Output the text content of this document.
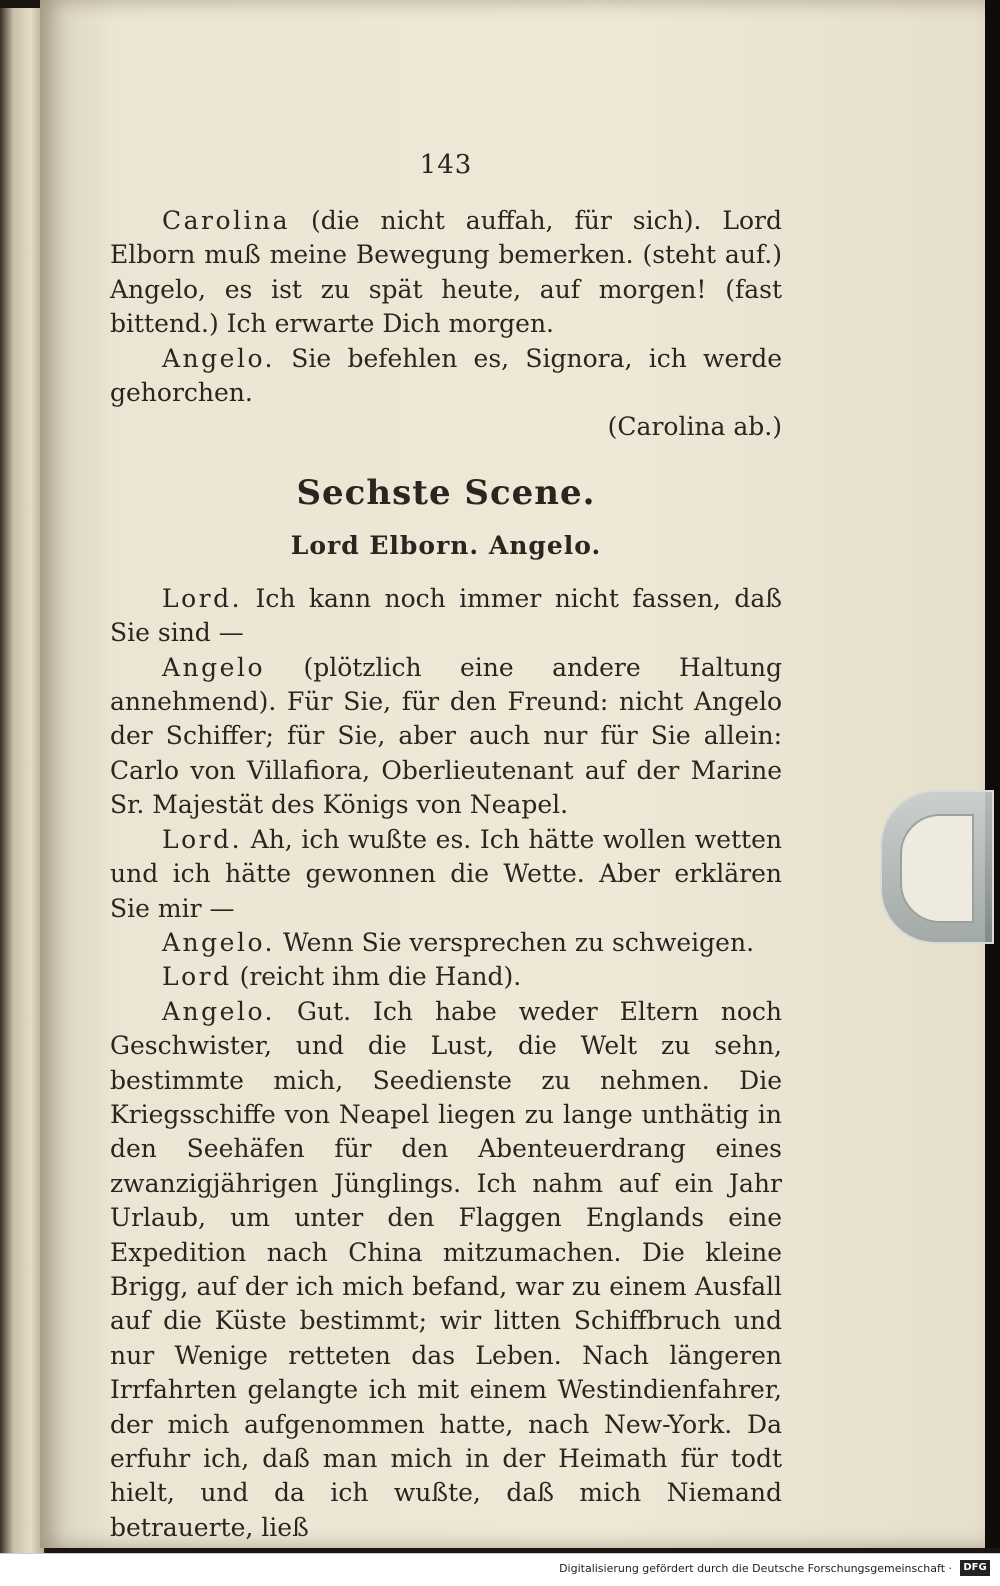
143

Carolina (die nicht auffah, für sich). Lord Elborn muß meine Bewegung bemerken. (steht auf.) Angelo, es ist zu spät heute, auf morgen! (fast bittend.) Ich erwarte Dich morgen.

Angelo. Sie befehlen es, Signora, ich werde gehorchen.

(Carolina ab.)

Sechste Scene.
Lord Elborn. Angelo.

Lord. Ich kann noch immer nicht fassen, daß Sie sind —

Angelo (plötzlich eine andere Haltung annehmend). Für Sie, für den Freund: nicht Angelo der Schiffer; für Sie, aber auch nur für Sie allein: Carlo von Villafiora, Oberlieutenant auf der Marine Sr. Majestät des Königs von Neapel.

Lord. Ah, ich wußte es. Ich hätte wollen wetten und ich hätte gewonnen die Wette. Aber erklären Sie mir —

Angelo. Wenn Sie versprechen zu schweigen.

Lord (reicht ihm die Hand).

Angelo. Gut. Ich habe weder Eltern noch Geschwister, und die Lust, die Welt zu sehn, bestimmte mich, Seedienste zu nehmen. Die Kriegsschiffe von Neapel liegen zu lange unthätig in den Seehäfen für den Abenteuerdrang eines zwanzigjährigen Jünglings. Ich nahm auf ein Jahr Urlaub, um unter den Flaggen Englands eine Expedition nach China mitzumachen. Die kleine Brigg, auf der ich mich befand, war zu einem Ausfall auf die Küste bestimmt; wir litten Schiffbruch und nur Wenige retteten das Leben. Nach längeren Irrfahrten gelangte ich mit einem Westindienfahrer, der mich aufgenommen hatte, nach New-York. Da erfuhr ich, daß man mich in der Heimath für todt hielt, und da ich wußte, daß mich Niemand betrauerte, ließ

Digitalisierung gefördert durch die Deutsche Forschungsgemeinschaft ·	DFG
